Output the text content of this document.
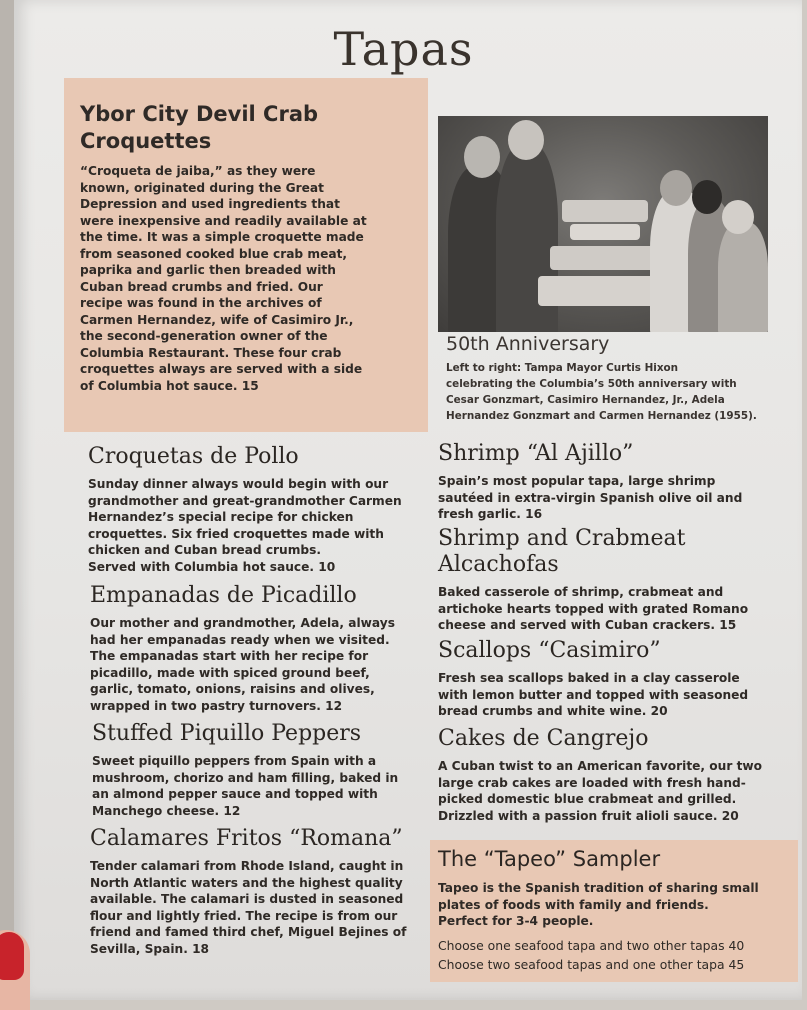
Tapas
Ybor City Devil Crab
Croquettes

“Croqueta de jaiba,” as they were
known, originated during the Great
Depression and used ingredients that
were inexpensive and readily available at
the time. It was a simple croquette made
from seasoned cooked blue crab meat,
paprika and garlic then breaded with
Cuban bread crumbs and fried. Our
recipe was found in the archives of
Carmen Hernandez, wife of Casimiro Jr.,
the second-generation owner of the
Columbia Restaurant. These four crab
croquettes always are served with a side
of Columbia hot sauce. 15

50th Anniversary
Left to right: Tampa Mayor Curtis Hixon
celebrating the Columbia’s 50th anniversary with
Cesar Gonzmart, Casimiro Hernandez, Jr., Adela
Hernandez Gonzmart and Carmen Hernandez (1955).
Croquetas de Pollo

Sunday dinner always would begin with our
grandmother and great-grandmother Carmen
Hernandez’s special recipe for chicken
croquettes. Six fried croquettes made with
chicken and Cuban bread crumbs.
Served with Columbia hot sauce. 10

Empanadas de Picadillo

Our mother and grandmother, Adela, always
had her empanadas ready when we visited.
The empanadas start with her recipe for
picadillo, made with spiced ground beef,
garlic, tomato, onions, raisins and olives,
wrapped in two pastry turnovers. 12

Stuffed Piquillo Peppers

Sweet piquillo peppers from Spain with a
mushroom, chorizo and ham filling, baked in
an almond pepper sauce and topped with
Manchego cheese. 12

Calamares Fritos “Romana”

Tender calamari from Rhode Island, caught in
North Atlantic waters and the highest quality
available. The calamari is dusted in seasoned
flour and lightly fried. The recipe is from our
friend and famed third chef, Miguel Bejines of
Sevilla, Spain. 18

Shrimp “Al Ajillo”

Spain’s most popular tapa, large shrimp
sautéed in extra-virgin Spanish olive oil and
fresh garlic. 16

Shrimp and Crabmeat
Alcachofas

Baked casserole of shrimp, crabmeat and
artichoke hearts topped with grated Romano
cheese and served with Cuban crackers. 15

Scallops “Casimiro”

Fresh sea scallops baked in a clay casserole
with lemon butter and topped with seasoned
bread crumbs and white wine. 20

Cakes de Cangrejo

A Cuban twist to an American favorite, our two
large crab cakes are loaded with fresh hand-
picked domestic blue crabmeat and grilled.
Drizzled with a passion fruit alioli sauce. 20

The “Tapeo” Sampler

Tapeo is the Spanish tradition of sharing small
plates of foods with family and friends.
Perfect for 3-4 people.

Choose one seafood tapa and two other tapas 40
Choose two seafood tapas and one other tapa 45
